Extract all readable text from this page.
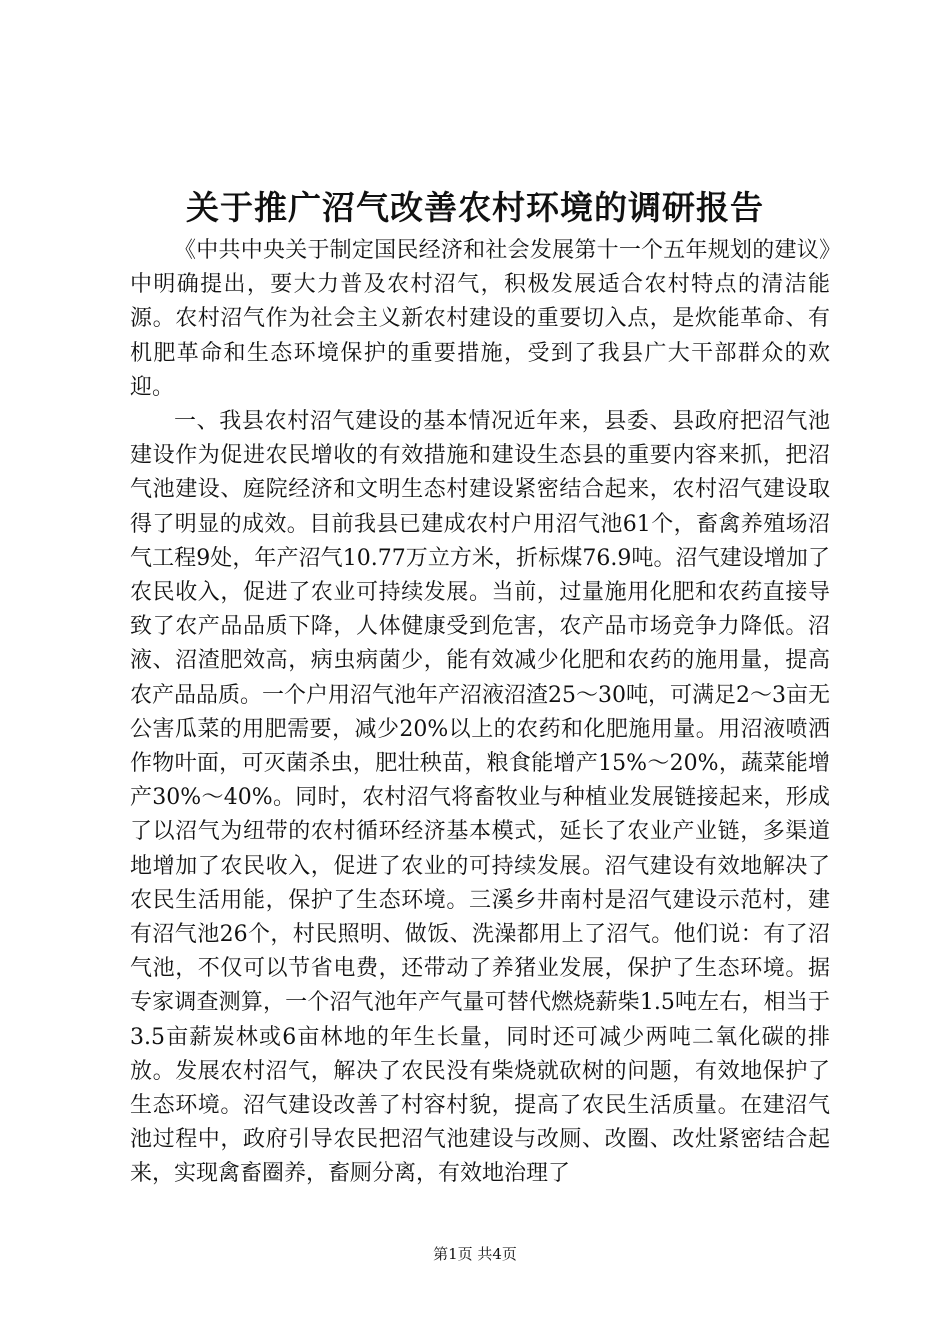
关于推广沼气改善农村环境的调研报告

《中共中央关于制定国民经济和社会发展第十一个五年规划的建议》中明确提出，要大力普及农村沼气，积极发展适合农村特点的清洁能源。农村沼气作为社会主义新农村建设的重要切入点，是炊能革命、有机肥革命和生态环境保护的重要措施，受到了我县广大干部群众的欢迎。

一、我县农村沼气建设的基本情况近年来，县委、县政府把沼气池建设作为促进农民增收的有效措施和建设生态县的重要内容来抓，把沼气池建设、庭院经济和文明生态村建设紧密结合起来，农村沼气建设取得了明显的成效。目前我县已建成农村户用沼气池61个，畜禽养殖场沼气工程9处，年产沼气10.77万立方米，折标煤76.9吨。沼气建设增加了农民收入，促进了农业可持续发展。当前，过量施用化肥和农药直接导致了农产品品质下降，人体健康受到危害，农产品市场竞争力降低。沼液、沼渣肥效高，病虫病菌少，能有效减少化肥和农药的施用量，提高农产品品质。一个户用沼气池年产沼液沼渣25～30吨，可满足2～3亩无公害瓜菜的用肥需要，减少20%以上的农药和化肥施用量。用沼液喷洒作物叶面，可灭菌杀虫，肥壮秧苗，粮食能增产15%～20%，蔬菜能增产30%～40%。同时，农村沼气将畜牧业与种植业发展链接起来，形成了以沼气为纽带的农村循环经济基本模式，延长了农业产业链，多渠道地增加了农民收入，促进了农业的可持续发展。沼气建设有效地解决了农民生活用能，保护了生态环境。三溪乡井南村是沼气建设示范村，建有沼气池26个，村民照明、做饭、洗澡都用上了沼气。他们说：有了沼气池，不仅可以节省电费，还带动了养猪业发展，保护了生态环境。据专家调查测算，一个沼气池年产气量可替代燃烧薪柴1.5吨左右，相当于3.5亩薪炭林或6亩林地的年生长量，同时还可减少两吨二氧化碳的排放。发展农村沼气，解决了农民没有柴烧就砍树的问题，有效地保护了生态环境。沼气建设改善了村容村貌，提高了农民生活质量。在建沼气池过程中，政府引导农民把沼气池建设与改厕、改圈、改灶紧密结合起来，实现禽畜圈养，畜厕分离，有效地治理了

第1页 共4页
